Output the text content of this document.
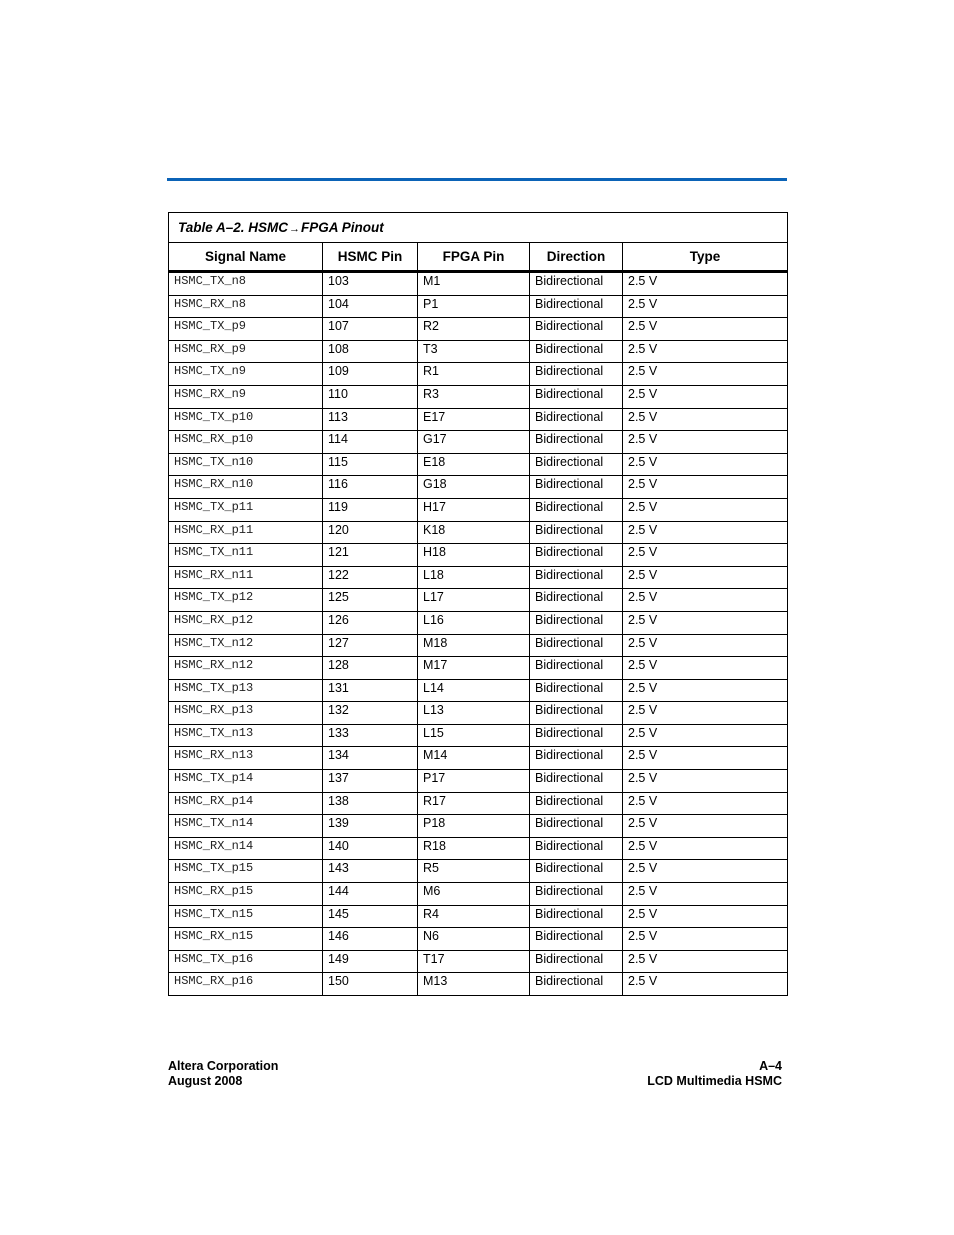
Table A–2. HSMC→FPGA Pinout				
Signal Name	HSMC Pin	FPGA Pin	Direction	Type
HSMC_TX_n8	103	M1	Bidirectional	2.5 V
HSMC_RX_n8	104	P1	Bidirectional	2.5 V
HSMC_TX_p9	107	R2	Bidirectional	2.5 V
HSMC_RX_p9	108	T3	Bidirectional	2.5 V
HSMC_TX_n9	109	R1	Bidirectional	2.5 V
HSMC_RX_n9	110	R3	Bidirectional	2.5 V
HSMC_TX_p10	113	E17	Bidirectional	2.5 V
HSMC_RX_p10	114	G17	Bidirectional	2.5 V
HSMC_TX_n10	115	E18	Bidirectional	2.5 V
HSMC_RX_n10	116	G18	Bidirectional	2.5 V
HSMC_TX_p11	119	H17	Bidirectional	2.5 V
HSMC_RX_p11	120	K18	Bidirectional	2.5 V
HSMC_TX_n11	121	H18	Bidirectional	2.5 V
HSMC_RX_n11	122	L18	Bidirectional	2.5 V
HSMC_TX_p12	125	L17	Bidirectional	2.5 V
HSMC_RX_p12	126	L16	Bidirectional	2.5 V
HSMC_TX_n12	127	M18	Bidirectional	2.5 V
HSMC_RX_n12	128	M17	Bidirectional	2.5 V
HSMC_TX_p13	131	L14	Bidirectional	2.5 V
HSMC_RX_p13	132	L13	Bidirectional	2.5 V
HSMC_TX_n13	133	L15	Bidirectional	2.5 V
HSMC_RX_n13	134	M14	Bidirectional	2.5 V
HSMC_TX_p14	137	P17	Bidirectional	2.5 V
HSMC_RX_p14	138	R17	Bidirectional	2.5 V
HSMC_TX_n14	139	P18	Bidirectional	2.5 V
HSMC_RX_n14	140	R18	Bidirectional	2.5 V
HSMC_TX_p15	143	R5	Bidirectional	2.5 V
HSMC_RX_p15	144	M6	Bidirectional	2.5 V
HSMC_TX_n15	145	R4	Bidirectional	2.5 V
HSMC_RX_n15	146	N6	Bidirectional	2.5 V
HSMC_TX_p16	149	T17	Bidirectional	2.5 V
HSMC_RX_p16	150	M13	Bidirectional	2.5 V
Altera Corporation
August 2008
A–4
LCD Multimedia HSMC
